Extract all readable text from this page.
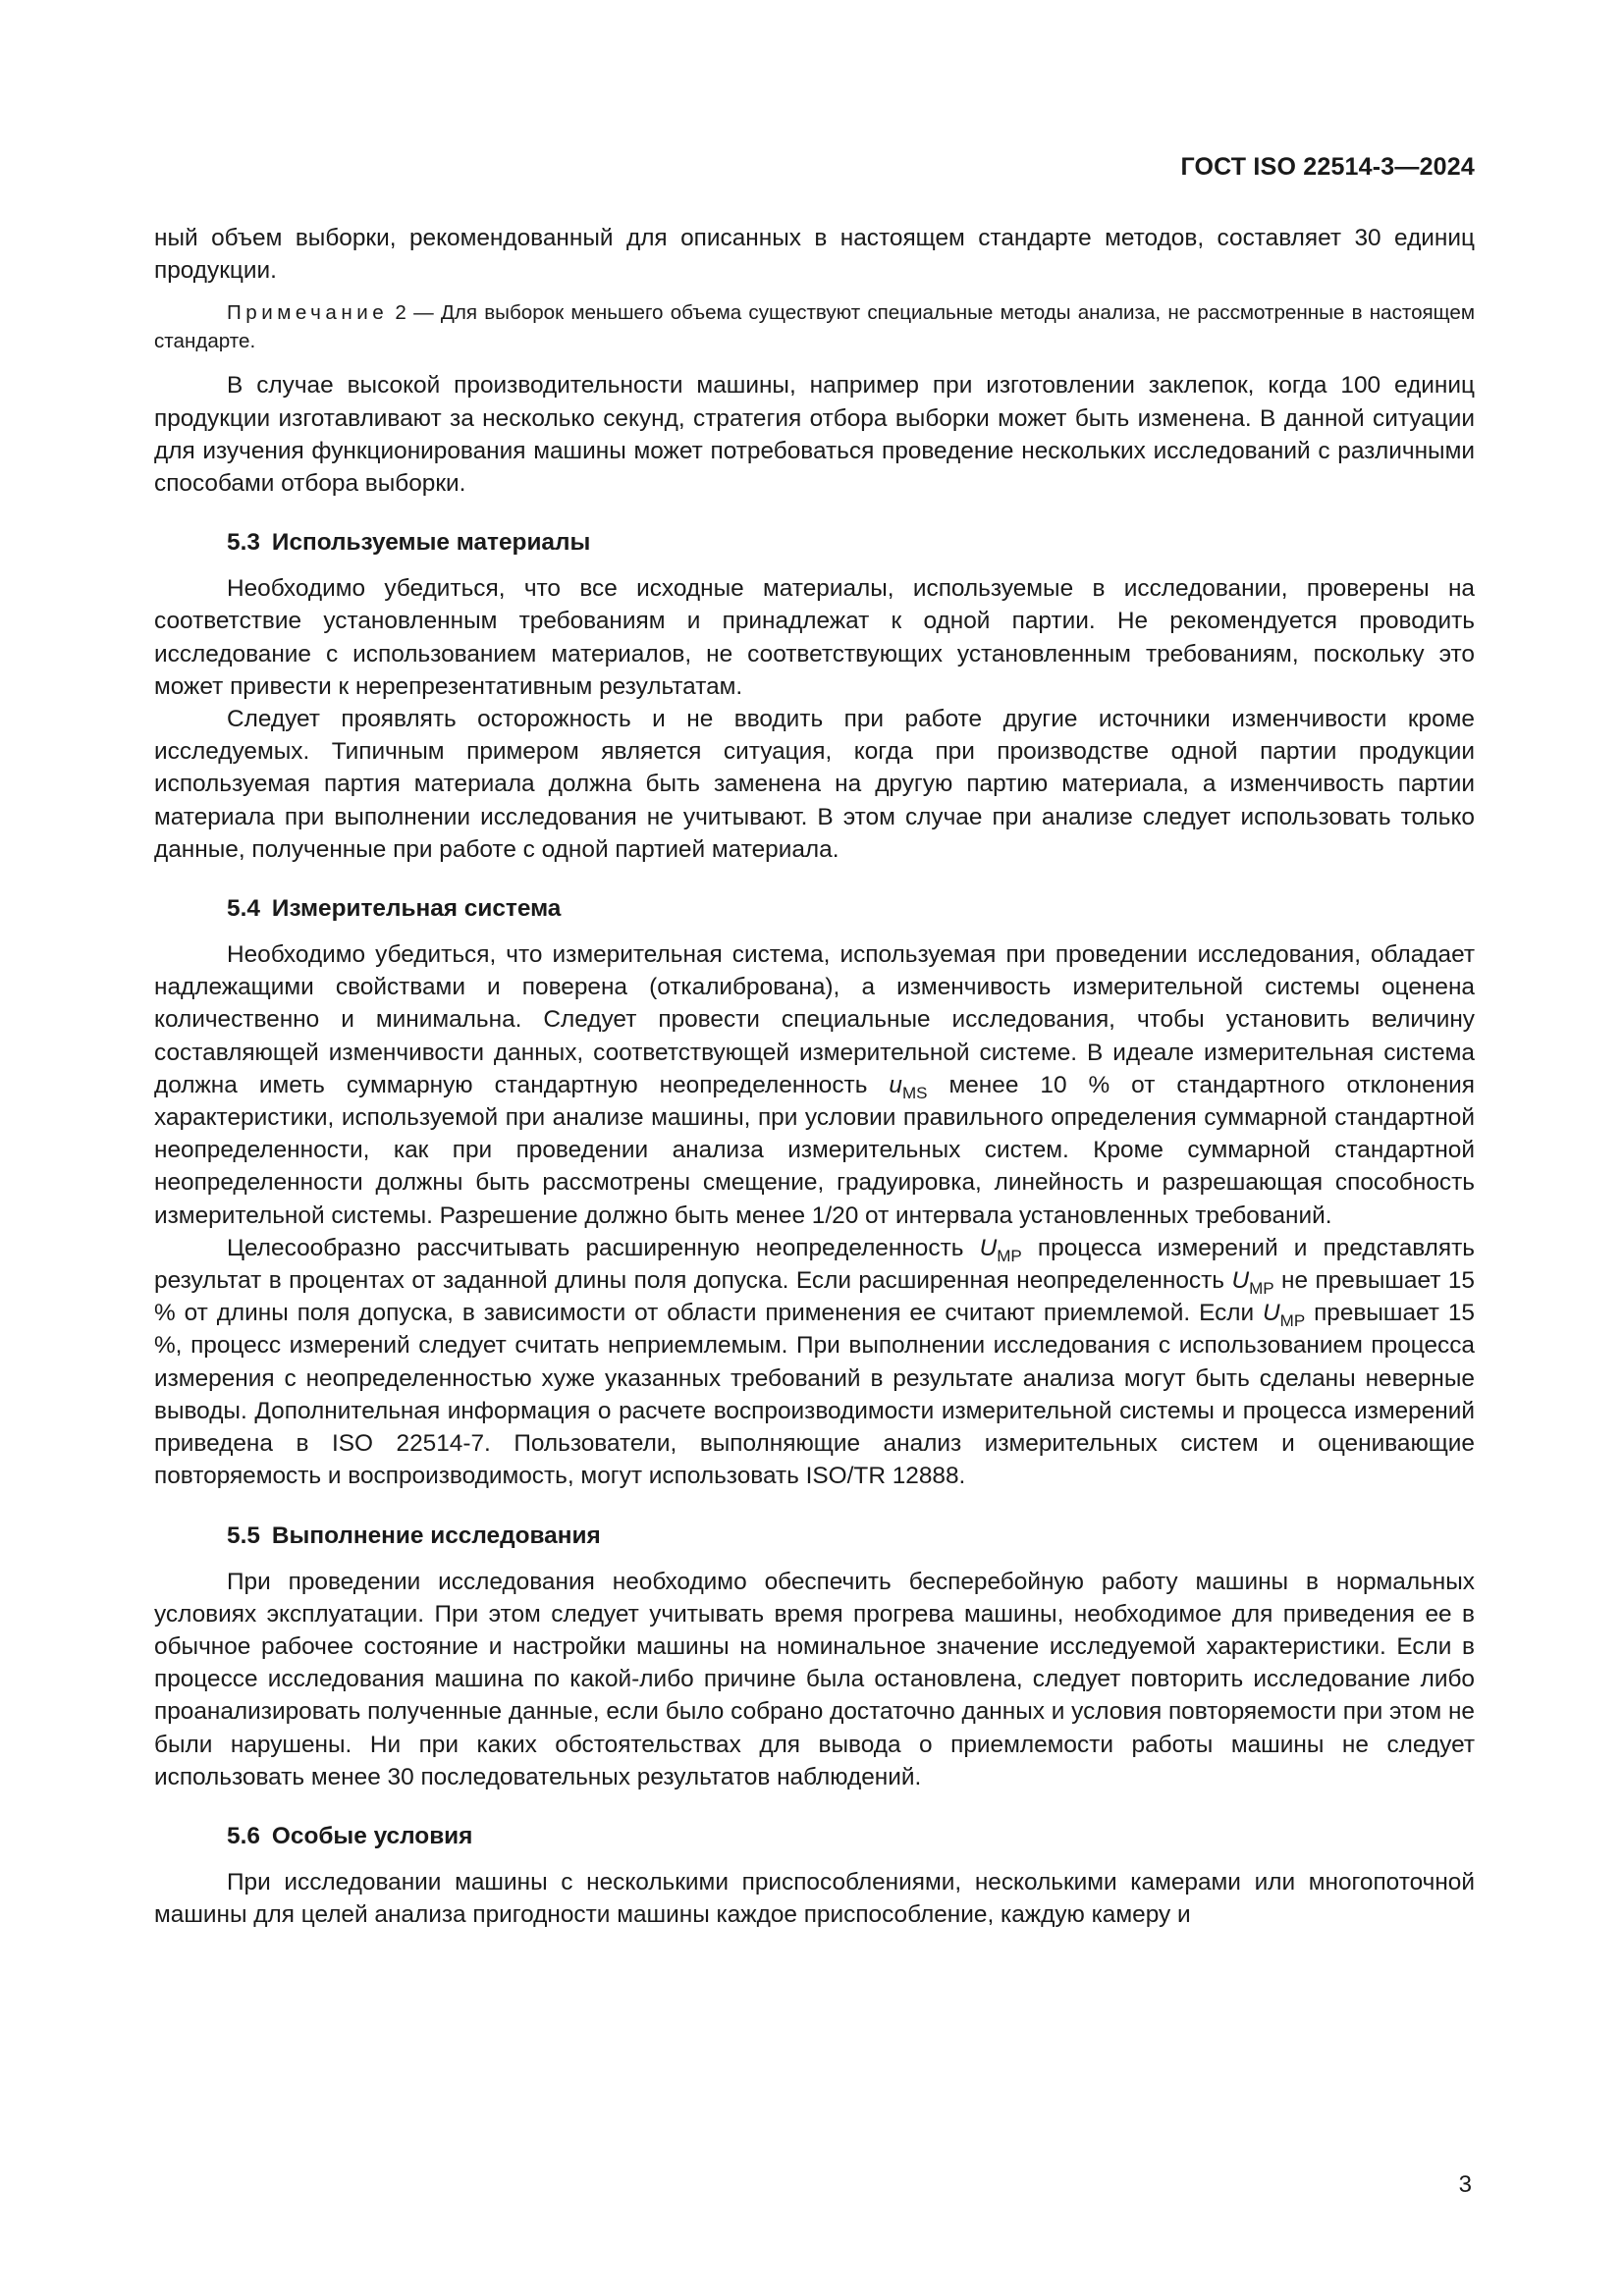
ГОСТ ISO 22514-3—2024

ный объем выборки, рекомендованный для описанных в настоящем стандарте методов, составляет 30 единиц продукции.

Примечание 2 — Для выборок меньшего объема существуют специальные методы анализа, не рассмотренные в настоящем стандарте.

В случае высокой производительности машины, например при изготовлении заклепок, когда 100 единиц продукции изготавливают за несколько секунд, стратегия отбора выборки может быть изменена. В данной ситуации для изучения функционирования машины может потребоваться проведение нескольких исследований с различными способами отбора выборки.

5.3 Используемые материалы

Необходимо убедиться, что все исходные материалы, используемые в исследовании, проверены на соответствие установленным требованиям и принадлежат к одной партии. Не рекомендуется проводить исследование с использованием материалов, не соответствующих установленным требованиям, поскольку это может привести к нерепрезентативным результатам.

Следует проявлять осторожность и не вводить при работе другие источники изменчивости кроме исследуемых. Типичным примером является ситуация, когда при производстве одной партии продукции используемая партия материала должна быть заменена на другую партию материала, а изменчивость партии материала при выполнении исследования не учитывают. В этом случае при анализе следует использовать только данные, полученные при работе с одной партией материала.

5.4 Измерительная система

Необходимо убедиться, что измерительная система, используемая при проведении исследования, обладает надлежащими свойствами и поверена (откалибрована), а изменчивость измерительной системы оценена количественно и минимальна. Следует провести специальные исследования, чтобы установить величину составляющей изменчивости данных, соответствующей измерительной системе. В идеале измерительная система должна иметь суммарную стандартную неопределенность $u_{MS}$ менее 10 % от стандартного отклонения характеристики, используемой при анализе машины, при условии правильного определения суммарной стандартной неопределенности, как при проведении анализа измерительных систем. Кроме суммарной стандартной неопределенности должны быть рассмотрены смещение, градуировка, линейность и разрешающая способность измерительной системы. Разрешение должно быть менее 1/20 от интервала установленных требований.

Целесообразно рассчитывать расширенную неопределенность $U_{MP}$ процесса измерений и представлять результат в процентах от заданной длины поля допуска. Если расширенная неопределенность $U_{MP}$ не превышает 15 % от длины поля допуска, в зависимости от области применения ее считают приемлемой. Если $U_{MP}$ превышает 15 %, процесс измерений следует считать неприемлемым. При выполнении исследования с использованием процесса измерения с неопределенностью хуже указанных требований в результате анализа могут быть сделаны неверные выводы. Дополнительная информация о расчете воспроизводимости измерительной системы и процесса измерений приведена в ISO 22514-7. Пользователи, выполняющие анализ измерительных систем и оценивающие повторяемость и воспроизводимость, могут использовать ISO/TR 12888.

5.5 Выполнение исследования

При проведении исследования необходимо обеспечить бесперебойную работу машины в нормальных условиях эксплуатации. При этом следует учитывать время прогрева машины, необходимое для приведения ее в обычное рабочее состояние и настройки машины на номинальное значение исследуемой характеристики. Если в процессе исследования машина по какой-либо причине была остановлена, следует повторить исследование либо проанализировать полученные данные, если было собрано достаточно данных и условия повторяемости при этом не были нарушены. Ни при каких обстоятельствах для вывода о приемлемости работы машины не следует использовать менее 30 последовательных результатов наблюдений.

5.6 Особые условия

При исследовании машины с несколькими приспособлениями, несколькими камерами или многопоточной машины для целей анализа пригодности машины каждое приспособление, каждую камеру и

3
